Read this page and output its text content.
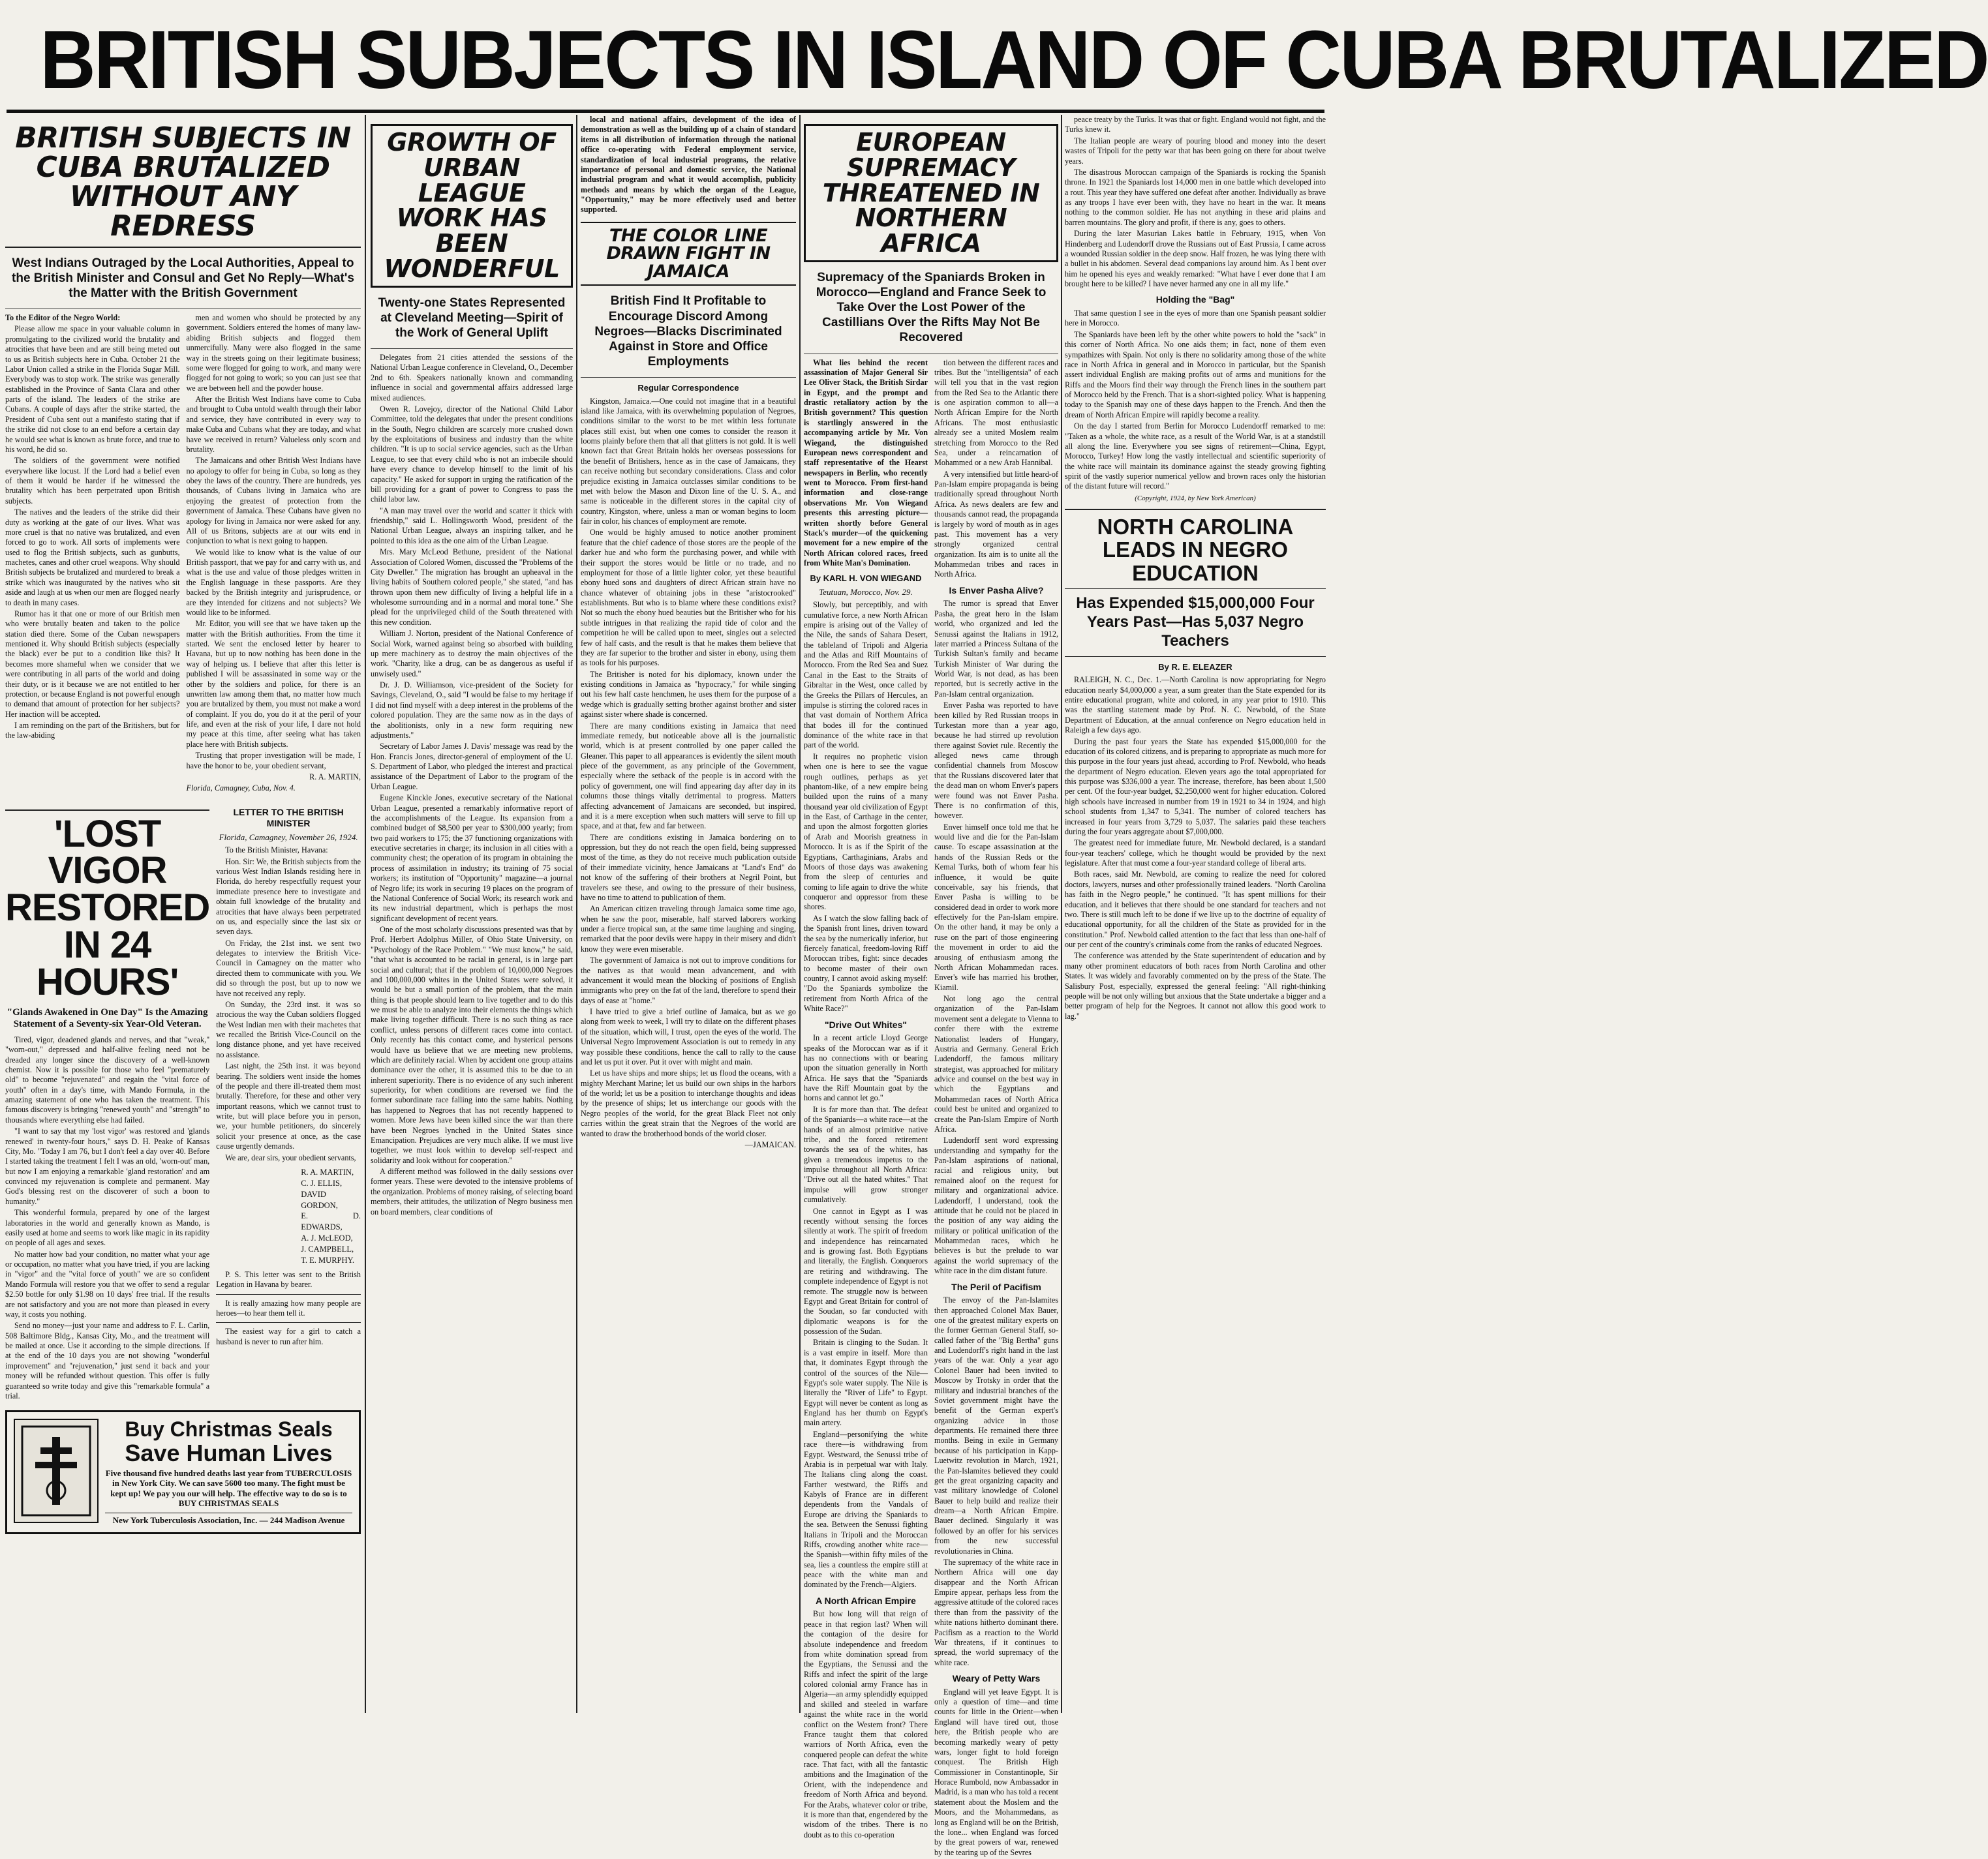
BRITISH SUBJECTS IN ISLAND OF CUBA BRUTALIZED
BRITISH SUBJECTS IN CUBA BRUTALIZED WITHOUT ANY REDRESS
West Indians Outraged by the Local Authorities, Appeal to the British Minister and Consul and Get No Reply—What's the Matter with the British Government

To the Editor of the Negro World:

Please allow me space in your valuable column in promulgating to the civilized world the brutality and atrocities that have been and are still being meted out to us as British subjects here in Cuba. October 21 the Labor Union called a strike in the Florida Sugar Mill. Everybody was to stop work. The strike was generally established in the Province of Santa Clara and other parts of the island. The leaders of the strike are Cubans. A couple of days after the strike started, the President of Cuba sent out a manifesto stating that if the strike did not close to an end before a certain day he would see what is known as brute force, and true to his word, he did so.

The soldiers of the government were notified everywhere like locust. If the Lord had a belief even of them it would be harder if he witnessed the brutality which has been perpetrated upon British subjects.

The natives and the leaders of the strike did their duty as working at the gate of our lives. What was more cruel is that no native was brutalized, and even forced to go to work. All sorts of implements were used to flog the British subjects, such as gunbutts, machetes, canes and other cruel weapons. Why should British subjects be brutalized and murdered to break a strike which was inaugurated by the natives who sit aside and laugh at us when our men are flogged nearly to death in many cases.

Rumor has it that one or more of our British men who were brutally beaten and taken to the police station died there. Some of the Cuban newspapers mentioned it. Why should British subjects (especially the black) ever be put to a condition like this? It becomes more shameful when we consider that we were contributing in all parts of the world and doing their duty, or is it because we are not entitled to her protection, or because England is not powerful enough to demand that amount of protection for her subjects? Her inaction will be accepted.

I am reminding on the part of the Britishers, but for the law-abiding

men and women who should be protected by any government. Soldiers entered the homes of many law-abiding British subjects and flogged them unmercifully. Many were also flogged in the same way in the streets going on their legitimate business; some were flogged for going to work, and many were flogged for not going to work; so you can just see that we are between hell and the powder house.

After the British West Indians have come to Cuba and brought to Cuba untold wealth through their labor and service, they have contributed in every way to make Cuba and Cubans what they are today, and what have we received in return? Valueless only scorn and brutality.

The Jamaicans and other British West Indians have no apology to offer for being in Cuba, so long as they obey the laws of the country. There are hundreds, yes thousands, of Cubans living in Jamaica who are enjoying the greatest of protection from the government of Jamaica. These Cubans have given no apology for living in Jamaica nor were asked for any. All of us Britons, subjects are at our wits end in conjunction to what is next going to happen.

We would like to know what is the value of our British passport, that we pay for and carry with us, and what is the use and value of those pledges written in the English language in these passports. Are they backed by the British integrity and jurisprudence, or are they intended for citizens and not subjects? We would like to be informed.

Mr. Editor, you will see that we have taken up the matter with the British authorities. From the time it started. We sent the enclosed letter by hearer to Havana, but up to now nothing has been done in the way of helping us. I believe that after this letter is published I will be assassinated in some way or the other by the soldiers and police, for there is an unwritten law among them that, no matter how much you are brutalized by them, you must not make a word of complaint. If you do, you do it at the peril of your life, and even at the risk of your life, I dare not hold my peace at this time, after seeing what has taken place here with British subjects.

Trusting that proper investigation will be made, I have the honor to be, your obedient servant,

R. A. MARTIN,

Florida, Camagney, Cuba, Nov. 4.

'LOST VIGOR RESTORED IN 24 HOURS'
"Glands Awakened in One Day" Is the Amazing Statement of a Seventy-six Year-Old Veteran.

Tired, vigor, deadened glands and nerves, and that "weak," "worn-out," depressed and half-alive feeling need not be dreaded any longer since the discovery of a well-known chemist. Now it is possible for those who feel "prematurely old" to become "rejuvenated" and regain the "vital force of youth" often in a day's time, with Mando Formula, in the amazing statement of one who has taken the treatment. This famous discovery is bringing "renewed youth" and "strength" to thousands where everything else had failed.

"I want to say that my 'lost vigor' was restored and 'glands renewed' in twenty-four hours," says D. H. Peake of Kansas City, Mo. "Today I am 76, but I don't feel a day over 40. Before I started taking the treatment I felt I was an old, 'worn-out' man, but now I am enjoying a remarkable 'gland restoration' and am convinced my rejuvenation is complete and permanent. May God's blessing rest on the discoverer of such a boon to humanity."

This wonderful formula, prepared by one of the largest laboratories in the world and generally known as Mando, is easily used at home and seems to work like magic in its rapidity on people of all ages and sexes.

No matter how bad your condition, no matter what your age or occupation, no matter what you have tried, if you are lacking in "vigor" and the "vital force of youth" we are so confident Mando Formula will restore you that we offer to send a regular $2.50 bottle for only $1.98 on 10 days' free trial. If the results are not satisfactory and you are not more than pleased in every way, it costs you nothing.

Send no money—just your name and address to F. L. Carlin, 508 Baltimore Bldg., Kansas City, Mo., and the treatment will be mailed at once. Use it according to the simple directions. If at the end of the 10 days you are not showing "wonderful improvement" and "rejuvenation," just send it back and your money will be refunded without question. This offer is fully guaranteed so write today and give this "remarkable formula" a trial.

LETTER TO THE BRITISH MINISTER
Florida, Camagney, November 26, 1924.

To the British Minister, Havana:

Hon. Sir: We, the British subjects from the various West Indian Islands residing here in Florida, do hereby respectfully request your immediate presence here to investigate and obtain full knowledge of the brutality and atrocities that have always been perpetrated on us, and especially since the last six or seven days.

On Friday, the 21st inst. we sent two delegates to interview the British Vice-Council in Camagney on the matter who directed them to communicate with you. We did so through the post, but up to now we have not received any reply.

On Sunday, the 23rd inst. it was so atrocious the way the Cuban soldiers flogged the West Indian men with their machetes that we recalled the British Vice-Council on the long distance phone, and yet have received no assistance.

Last night, the 25th inst. it was beyond bearing. The soldiers went inside the homes of the people and there ill-treated them most brutally. Therefore, for these and other very important reasons, which we cannot trust to write, but will place before you in person, we, your humble petitioners, do sincerely solicit your presence at once, as the case cause urgently demands.

We are, dear sirs, your obedient servants,

R. A. MARTIN,
C. J. ELLIS,
DAVID GORDON,
E. D. EDWARDS,
A. J. McLEOD,
J. CAMPBELL,
T. E. MURPHY.

P. S. This letter was sent to the British Legation in Havana by bearer.

It is really amazing how many people are heroes—to hear them tell it.

The easiest way for a girl to catch a husband is never to run after him.

Buy Christmas Seals
Save Human Lives
Five thousand five hundred deaths last year from TUBERCULOSIS in New York City. We can save 5600 too many. The fight must be kept up! We pay you our will help. The effective way to do so is to BUY CHRISTMAS SEALS
New York Tuberculosis Association, Inc. — 244 Madison Avenue
GROWTH OF URBAN LEAGUE WORK HAS BEEN WONDERFUL
Twenty-one States Represented at Cleveland Meeting—Spirit of the Work of General Uplift

Delegates from 21 cities attended the sessions of the National Urban League conference in Cleveland, O., December 2nd to 6th. Speakers nationally known and commanding influence in social and governmental affairs addressed large mixed audiences.

Owen R. Lovejoy, director of the National Child Labor Committee, told the delegates that under the present conditions in the South, Negro children are scarcely more crushed down by the exploitations of business and industry than the white children. "It is up to social service agencies, such as the Urban League, to see that every child who is not an imbecile should have every chance to develop himself to the limit of his capacity." He asked for support in urging the ratification of the bill providing for a grant of power to Congress to pass the child labor law.

"A man may travel over the world and scatter it thick with friendship," said L. Hollingsworth Wood, president of the National Urban League, always an inspiring talker, and he pointed to this idea as the one aim of the Urban League.

Mrs. Mary McLeod Bethune, president of the National Association of Colored Women, discussed the "Problems of the City Dweller." The migration has brought an upheaval in the living habits of Southern colored people," she stated, "and has thrown upon them new difficulty of living a helpful life in a wholesome surrounding and in a normal and moral tone." She plead for the unprivileged child of the South threatened with this new condition.

William J. Norton, president of the National Conference of Social Work, warned against being so absorbed with building up mere machinery as to destroy the main objectives of the work. "Charity, like a drug, can be as dangerous as useful if unwisely used."

Dr. J. D. Williamson, vice-president of the Society for Savings, Cleveland, O., said "I would be false to my heritage if I did not find myself with a deep interest in the problems of the colored population. They are the same now as in the days of the abolitionists, only in a new form requiring new adjustments."

Secretary of Labor James J. Davis' message was read by the Hon. Francis Jones, director-general of employment of the U. S. Department of Labor, who pledged the interest and practical assistance of the Department of Labor to the program of the Urban League.

Eugene Kinckle Jones, executive secretary of the National Urban League, presented a remarkably informative report of the accomplishments of the League. Its expansion from a combined budget of $8,500 per year to $300,000 yearly; from two paid workers to 175; the 37 functioning organizations with executive secretaries in charge; its inclusion in all cities with a community chest; the operation of its program in obtaining the process of assimilation in industry; its training of 75 social workers; its institution of "Opportunity" magazine—a journal of Negro life; its work in securing 19 places on the program of the National Conference of Social Work; its research work and its new industrial department, which is perhaps the most significant development of recent years.

One of the most scholarly discussions presented was that by Prof. Herbert Adolphus Miller, of Ohio State University, on "Psychology of the Race Problem." "We must know," he said, "that what is accounted to be racial in general, is in large part social and cultural; that if the problem of 10,000,000 Negroes and 100,000,000 whites in the United States were solved, it would be but a small portion of the problem, that the main thing is that people should learn to live together and to do this we must be able to analyze into their elements the things which make living together difficult. There is no such thing as race conflict, unless persons of different races come into contact. Only recently has this contact come, and hysterical persons would have us believe that we are meeting new problems, which are definitely racial. When by accident one group attains dominance over the other, it is assumed this to be due to an inherent superiority. There is no evidence of any such inherent superiority, for when conditions are reversed we find the former subordinate race falling into the same habits. Nothing has happened to Negroes that has not recently happened to women. More Jews have been killed since the war than there have been Negroes lynched in the United States since Emancipation. Prejudices are very much alike. If we must live together, we must look within to develop self-respect and solidarity and look without for cooperation."

A different method was followed in the daily sessions over former years. These were devoted to the intensive problems of the organization. Problems of money raising, of selecting board members, their attitudes, the utilization of Negro business men on board members, clear conditions of

local and national affairs, development of the idea of demonstration as well as the building up of a chain of standard items in all distribution of information through the national office co-operating with Federal employment service, standardization of local industrial programs, the relative importance of personal and domestic service, the National industrial program and what it would accomplish, publicity methods and means by which the organ of the League, "Opportunity," may be more effectively used and better supported.

THE COLOR LINE DRAWN FIGHT IN JAMAICA
British Find It Profitable to Encourage Discord Among Negroes—Blacks Discriminated Against in Store and Office Employments
Regular Correspondence

Kingston, Jamaica.—One could not imagine that in a beautiful island like Jamaica, with its overwhelming population of Negroes, conditions similar to the worst to be met within less fortunate places still exist, but when one comes to consider the reason it looms plainly before them that all that glitters is not gold. It is well known fact that Great Britain holds her overseas possessions for the benefit of Britishers, hence as in the case of Jamaicans, they can receive nothing but secondary considerations. Class and color prejudice existing in Jamaica outclasses similar conditions to be met with below the Mason and Dixon line of the U. S. A., and same is noticeable in the different stores in the capital city of country, Kingston, where, unless a man or woman begins to loom fair in color, his chances of employment are remote.

One would be highly amused to notice another prominent feature that the chief cadence of those stores are the people of the darker hue and who form the purchasing power, and while with their support the stores would be little or no trade, and no employment for those of a little lighter color, yet these beautiful ebony hued sons and daughters of direct African strain have no chance whatever of obtaining jobs in these "aristocrooked" establishments. But who is to blame where these conditions exist? Not so much the ebony hued beauties but the Britisher who for his subtle intrigues in that realizing the rapid tide of color and the competition he will be called upon to meet, singles out a selected few of half casts, and the result is that he makes them believe that they are far superior to the brother and sister in ebony, using them as tools for his purposes.

The Britisher is noted for his diplomacy, known under the existing conditions in Jamaica as "hypocracy," for while singing out his few half caste henchmen, he uses them for the purpose of a wedge which is gradually setting brother against brother and sister against sister where shade is concerned.

There are many conditions existing in Jamaica that need immediate remedy, but noticeable above all is the journalistic world, which is at present controlled by one paper called the Gleaner. This paper to all appearances is evidently the silent mouth piece of the government, as any principle of the Government, especially where the setback of the people is in accord with the policy of government, one will find appearing day after day in its columns those things vitally detrimental to progress. Matters affecting advancement of Jamaicans are seconded, but inspired, and it is a mere exception when such matters will serve to fill up space, and at that, few and far between.

There are conditions existing in Jamaica bordering on to oppression, but they do not reach the open field, being suppressed most of the time, as they do not receive much publication outside of their immediate vicinity, hence Jamaicans at "Land's End" do not know of the suffering of their brothers at Negril Point, but travelers see these, and owing to the pressure of their business, have no time to attend to publication of them.

An American citizen traveling through Jamaica some time ago, when he saw the poor, miserable, half starved laborers working under a fierce tropical sun, at the same time laughing and singing, remarked that the poor devils were happy in their misery and didn't know they were even miserable.

The government of Jamaica is not out to improve conditions for the natives as that would mean advancement, and with advancement it would mean the blocking of positions of English immigrants who prey on the fat of the land, therefore to spend their days of ease at "home."

I have tried to give a brief outline of Jamaica, but as we go along from week to week, I will try to dilate on the different phases of the situation, which will, I trust, open the eyes of the world. The Universal Negro Improvement Association is out to remedy in any way possible these conditions, hence the call to rally to the cause and let us put it over. Put it over with might and main.

Let us have ships and more ships; let us flood the oceans, with a mighty Merchant Marine; let us build our own ships in the harbors of the world; let us be a position to interchange thoughts and ideas by the presence of ships; let us interchange our goods with the Negro peoples of the world, for the great Black Fleet not only carries within the great strain that the Negroes of the world are wanted to draw the brotherhood bonds of the world closer.

—JAMAICAN.

EUROPEAN SUPREMACY THREATENED IN NORTHERN AFRICA
Supremacy of the Spaniards Broken in Morocco—England and France Seek to Take Over the Lost Power of the Castillians Over the Rifts May Not Be Recovered

What lies behind the recent assassination of Major General Sir Lee Oliver Stack, the British Sirdar in Egypt, and the prompt and drastic retaliatory action by the British government? This question is startlingly answered in the accompanying article by Mr. Von Wiegand, the distinguished European news correspondent and staff representative of the Hearst newspapers in Berlin, who recently went to Morocco. From first-hand information and close-range observations Mr. Von Wiegand presents this arresting picture—written shortly before General Stack's murder—of the quickening movement for a new empire of the North African colored races, freed from White Man's Domination.

By KARL H. VON WIEGAND
Teutuan, Morocco, Nov. 29.

Slowly, but perceptibly, and with cumulative force, a new North African empire is arising out of the Valley of the Nile, the sands of Sahara Desert, the tableland of Tripoli and Algeria and the Atlas and Riff Mountains of Morocco. From the Red Sea and Suez Canal in the East to the Straits of Gibraltar in the West, once called by the Greeks the Pillars of Hercules, an impulse is stirring the colored races in that vast domain of Northern Africa that bodes ill for the continued dominance of the white race in that part of the world.

It requires no prophetic vision when one is here to see the vague rough outlines, perhaps as yet phantom-like, of a new empire being builded upon the ruins of a many thousand year old civilization of Egypt in the East, of Carthage in the center, and upon the almost forgotten glories of Arab and Moorish greatness in Morocco. It is as if the Spirit of the Egyptians, Carthaginians, Arabs and Moors of those days was awakening from the sleep of centuries and coming to life again to drive the white conqueror and oppressor from these shores.

As I watch the slow falling back of the Spanish front lines, driven toward the sea by the numerically inferior, but fiercely fanatical, freedom-loving Riff Moroccan tribes, fight: since decades to become master of their own country, I cannot avoid asking myself: "Do the Spaniards symbolize the retirement from North Africa of the White Race?"

"Drive Out Whites"

In a recent article Lloyd George speaks of the Moroccan war as if it has no connections with or bearing upon the situation generally in North Africa. He says that the "Spaniards have the Riff Mountain goat by the horns and cannot let go."

It is far more than that. The defeat of the Spaniards—a white race—at the hands of an almost primitive native tribe, and the forced retirement towards the sea of the whites, has given a tremendous impetus to the impulse throughout all North Africa: "Drive out all the hated whites." That impulse will grow stronger cumulatively.

One cannot in Egypt as I was recently without sensing the forces silently at work. The spirit of freedom and independence has reincarnated and is growing fast. Both Egyptians and literally, the English. Conquerors are retiring and withdrawing. The complete independence of Egypt is not remote. The struggle now is between Egypt and Great Britain for control of the Soudan, so far conducted with diplomatic weapons is for the possession of the Sudan.

Britain is clinging to the Sudan. It is a vast empire in itself. More than that, it dominates Egypt through the control of the sources of the Nile—Egypt's sole water supply. The Nile is literally the "River of Life" to Egypt. Egypt will never be content as long as England has her thumb on Egypt's main artery.

England—personifying the white race there—is withdrawing from Egypt. Westward, the Senussi tribe of Arabia is in perpetual war with Italy. The Italians cling along the coast. Farther westward, the Riffs and Kabyls of France are in different dependents from the Vandals of Europe are driving the Spaniards to the sea. Between the Senussi fighting Italians in Tripoli and the Moroccan Riffs, crowding another white race—the Spanish—within fifty miles of the sea, lies a countless the empire still at peace with the white man and dominated by the French—Algiers.

A North African Empire

But how long will that reign of peace in that region last? When will the contagion of the desire for absolute independence and freedom from white domination spread from the Egyptians, the Senussi and the Riffs and infect the spirit of the large colored colonial army France has in Algeria—an army splendidly equipped and skilled and steeled in warfare against the white race in the world conflict on the Western front? There France taught them that colored warriors of North Africa, even the conquered people can defeat the white race. That fact, with all the fantastic ambitions and the Imagination of the Orient, with the independence and freedom of North Africa and beyond. For the Arabs, whatever color or tribe, it is more than that, engendered by the wisdom of the tribes. There is no doubt as to this co-operation

tion between the different races and tribes. But the "intelligentsia" of each will tell you that in the vast region from the Red Sea to the Atlantic there is one aspiration common to all—a North African Empire for the North Africans. The most enthusiastic already see a united Moslem realm stretching from Morocco to the Red Sea, under a reincarnation of Mohammed or a new Arab Hannibal.

A very intensified but little heard-of Pan-Islam empire propaganda is being traditionally spread throughout North Africa. As news dealers are few and thousands cannot read, the propaganda is largely by word of mouth as in ages past. This movement has a very strongly organized central organization. Its aim is to unite all the Mohammedan tribes and races in North Africa.

Is Enver Pasha Alive?

The rumor is spread that Enver Pasha, the great hero in the Islam world, who organized and led the Senussi against the Italians in 1912, later married a Princess Sultana of the Turkish Sultan's family and became Turkish Minister of War during the World War, is not dead, as has been reported, but is secretly active in the Pan-Islam central organization.

Enver Pasha was reported to have been killed by Red Russian troops in Turkestan more than a year ago, because he had stirred up revolution there against Soviet rule. Recently the alleged news came through confidential channels from Moscow that the Russians discovered later that the dead man on whom Enver's papers were found was not Enver Pasha. There is no confirmation of this, however.

Enver himself once told me that he would live and die for the Pan-Islam cause. To escape assassination at the hands of the Russian Reds or the Kemal Turks, both of whom fear his influence, it would be quite conceivable, say his friends, that Enver Pasha is willing to be considered dead in order to work more effectively for the Pan-Islam empire. On the other hand, it may be only a ruse on the part of those engineering the movement in order to aid the arousing of enthusiasm among the North African Mohammedan races. Enver's wife has married his brother, Kiamil.

Not long ago the central organization of the Pan-Islam movement sent a delegate to Vienna to confer there with the extreme Nationalist leaders of Hungary, Austria and Germany. General Erich Ludendorff, the famous military strategist, was approached for military advice and counsel on the best way in which the Egyptians and Mohammedan races of North Africa could best be united and organized to create the Pan-Islam Empire of North Africa.

Ludendorff sent word expressing understanding and sympathy for the Pan-Islam aspirations of national, racial and religious unity, but remained aloof on the request for military and organizational advice. Ludendorff, I understand, took the attitude that he could not be placed in the position of any way aiding the military or political unification of the Mohammedan races, which he believes is but the prelude to war against the world supremacy of the white race in the dim distant future.

The Peril of Pacifism

The envoy of the Pan-Islamites then approached Colonel Max Bauer, one of the greatest military experts on the former German General Staff, so-called father of the "Big Bertha" guns and Ludendorff's right hand in the last years of the war. Only a year ago Colonel Bauer had been invited to Moscow by Trotsky in order that the military and industrial branches of the Soviet government might have the benefit of the German expert's organizing advice in those departments. He remained there three months. Being in exile in Germany because of his participation in Kapp-Luetwitz revolution in March, 1921, the Pan-Islamites believed they could get the great organizing capacity and vast military knowledge of Colonel Bauer to help build and realize their dream—a North African Empire. Bauer declined. Singularly it was followed by an offer for his services from the new successful revolutionaries in China.

The supremacy of the white race in Northern Africa will one day disappear and the North African Empire appear, perhaps less from the aggressive attitude of the colored races there than from the passivity of the white nations hitherto dominant there. Pacifism as a reaction to the World War threatens, if it continues to spread, the world supremacy of the white race.

Weary of Petty Wars

England will yet leave Egypt. It is only a question of time—and time counts for little in the Orient—when England will have tired out, those here, the British people who are becoming markedly weary of petty wars, longer fight to hold foreign conquest. The British High Commissioner in Constantinople, Sir Horace Rumbold, now Ambassador in Madrid, is a man who has told a recent statement about the Moslem and the Moors, and the Mohammedans, as long as England will be on the British, the lone... when England was forced by the great powers of war, renewed by the tearing up of the Sevres

peace treaty by the Turks. It was that or fight. England would not fight, and the Turks knew it.

The Italian people are weary of pouring blood and money into the desert wastes of Tripoli for the petty war that has been going on there for about twelve years.

The disastrous Moroccan campaign of the Spaniards is rocking the Spanish throne. In 1921 the Spaniards lost 14,000 men in one battle which developed into a rout. This year they have suffered one defeat after another. Individually as brave as any troops I have ever been with, they have no heart in the war. It means nothing to the common soldier. He has not anything in these arid plains and barren mountains. The glory and profit, if there is any, goes to others.

During the later Masurian Lakes battle in February, 1915, when Von Hindenberg and Ludendorff drove the Russians out of East Prussia, I came across a wounded Russian soldier in the deep snow. Half frozen, he was lying there with a bullet in his abdomen. Several dead companions lay around him. As I bent over him he opened his eyes and weakly remarked: "What have I ever done that I am brought here to be killed? I have never harmed any one in all my life."

Holding the "Bag"

That same question I see in the eyes of more than one Spanish peasant soldier here in Morocco.

The Spaniards have been left by the other white powers to hold the "sack" in this corner of North Africa. No one aids them; in fact, none of them even sympathizes with Spain. Not only is there no solidarity among those of the white race in North Africa in general and in Morocco in particular, but the Spanish assert individual English are making profits out of arms and munitions for the Riffs and the Moors find their way through the French lines in the southern part of Morocco held by the French. That is a short-sighted policy. What is happening today to the Spanish may one of these days happen to the French. And then the dream of North African Empire will rapidly become a reality.

On the day I started from Berlin for Morocco Ludendorff remarked to me: "Taken as a whole, the white race, as a result of the World War, is at a standstill all along the line. Everywhere you see signs of retirement—China, Egypt, Morocco, Turkey! How long the vastly intellectual and scientific superiority of the white race will maintain its dominance against the steady growing fighting spirit of the vastly superior numerical yellow and brown races only the historian of the distant future will record."

(Copyright, 1924, by New York American)
NORTH CAROLINA LEADS IN NEGRO EDUCATION
Has Expended $15,000,000 Four Years Past—Has 5,037 Negro Teachers
By R. E. ELEAZER

RALEIGH, N. C., Dec. 1.—North Carolina is now appropriating for Negro education nearly $4,000,000 a year, a sum greater than the State expended for its entire educational program, white and colored, in any year prior to 1910. This was the startling statement made by Prof. N. C. Newbold, of the State Department of Education, at the annual conference on Negro education held in Raleigh a few days ago.

During the past four years the State has expended $15,000,000 for the education of its colored citizens, and is preparing to appropriate as much more for this purpose in the four years just ahead, according to Prof. Newbold, who heads the department of Negro education. Eleven years ago the total appropriated for this purpose was $336,000 a year. The increase, therefore, has been about 1,500 per cent. Of the four-year budget, $2,250,000 went for higher education. Colored high schools have increased in number from 19 in 1921 to 34 in 1924, and high school students from 1,347 to 5,341. The number of colored teachers has increased in four years from 3,729 to 5,037. The salaries paid these teachers during the four years aggregate about $7,000,000.

The greatest need for immediate future, Mr. Newbold declared, is a standard four-year teachers' college, which he thought would be provided by the next legislature. After that must come a four-year standard college of liberal arts.

Both races, said Mr. Newbold, are coming to realize the need for colored doctors, lawyers, nurses and other professionally trained leaders. "North Carolina has faith in the Negro people," he continued. "It has spent millions for their education, and it believes that there should be one standard for teachers and not two. There is still much left to be done if we live up to the doctrine of equality of educational opportunity, for all the children of the State as provided for in the constitution." Prof. Newbold called attention to the fact that less than one-half of our per cent of the country's criminals come from the ranks of educated Negroes.

The conference was attended by the State superintendent of education and by many other prominent educators of both races from North Carolina and other States. It was widely and favorably commented on by the press of the State. The Salisbury Post, especially, expressed the general feeling: "All right-thinking people will be not only willing but anxious that the State undertake a bigger and a better program of help for the Negroes. It cannot not allow this good work to lag."
